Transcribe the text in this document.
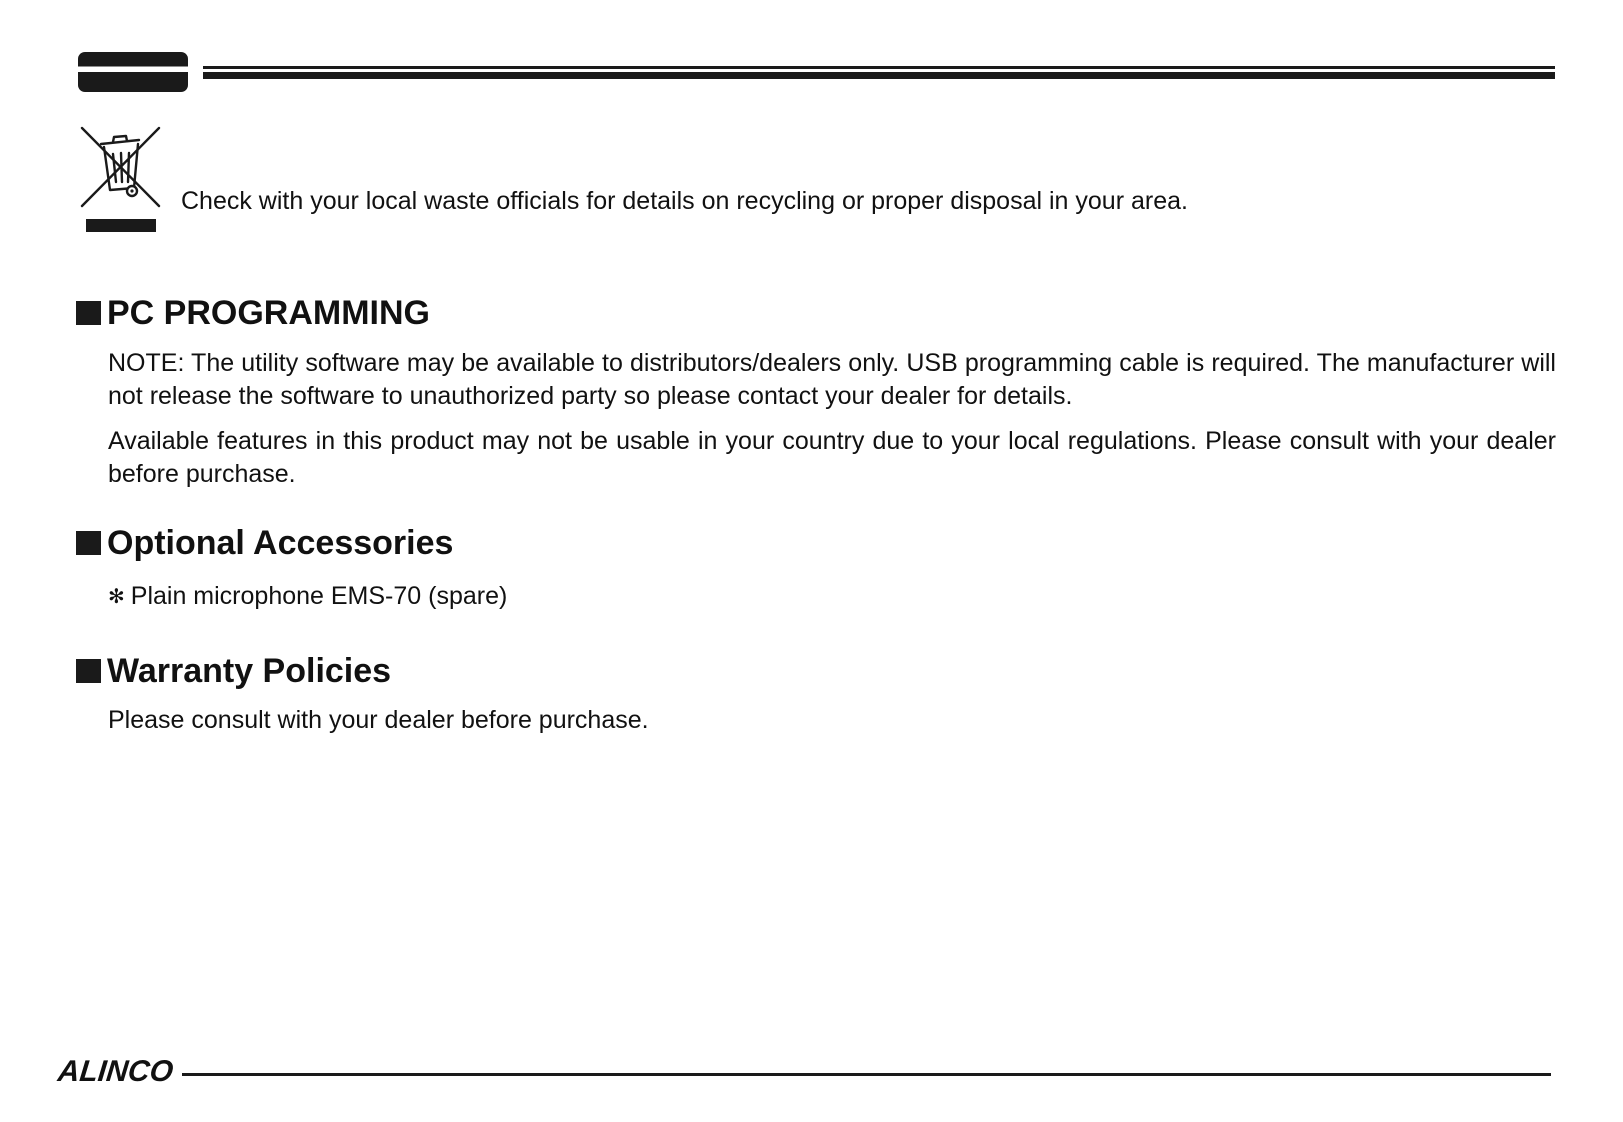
Check with your local waste officials for details on recycling or proper disposal in your area.
PC PROGRAMMING

NOTE: The utility software may be available to distributors/dealers only. USB programming cable is required. The manufacturer will not release the software to unauthorized party so please contact your dealer for details.

Available features in this product may not be usable in your country due to your local regulations. Please consult with your dealer before purchase.

Optional Accessories

✻ Plain microphone EMS-70 (spare)

Warranty Policies

Please consult with your dealer before purchase.

ALINCO
